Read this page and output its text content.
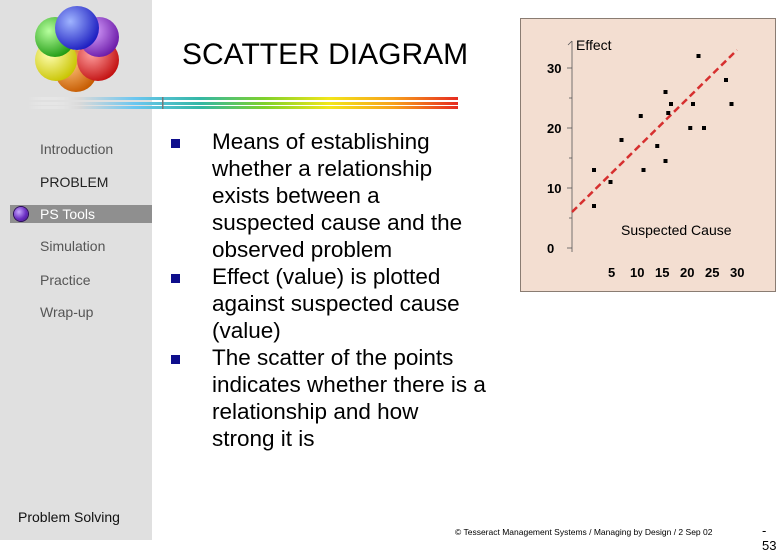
Introduction
PROBLEM
PS Tools
Simulation
Practice
Wrap-up
Problem Solving
SCATTER DIAGRAM
Means of establishing
whether a relationship
exists between a
suspected cause and the
observed problem
Effect (value) is plotted
against suspected cause
(value)
The scatter of the points
indicates whether there is a
relationship and how
strong it is
0
10
20
30
Effect
Suspected Cause
5 10 15 20 25 30
© Tesseract Management Systems / Managing by Design / 2 Sep 02	- 53
